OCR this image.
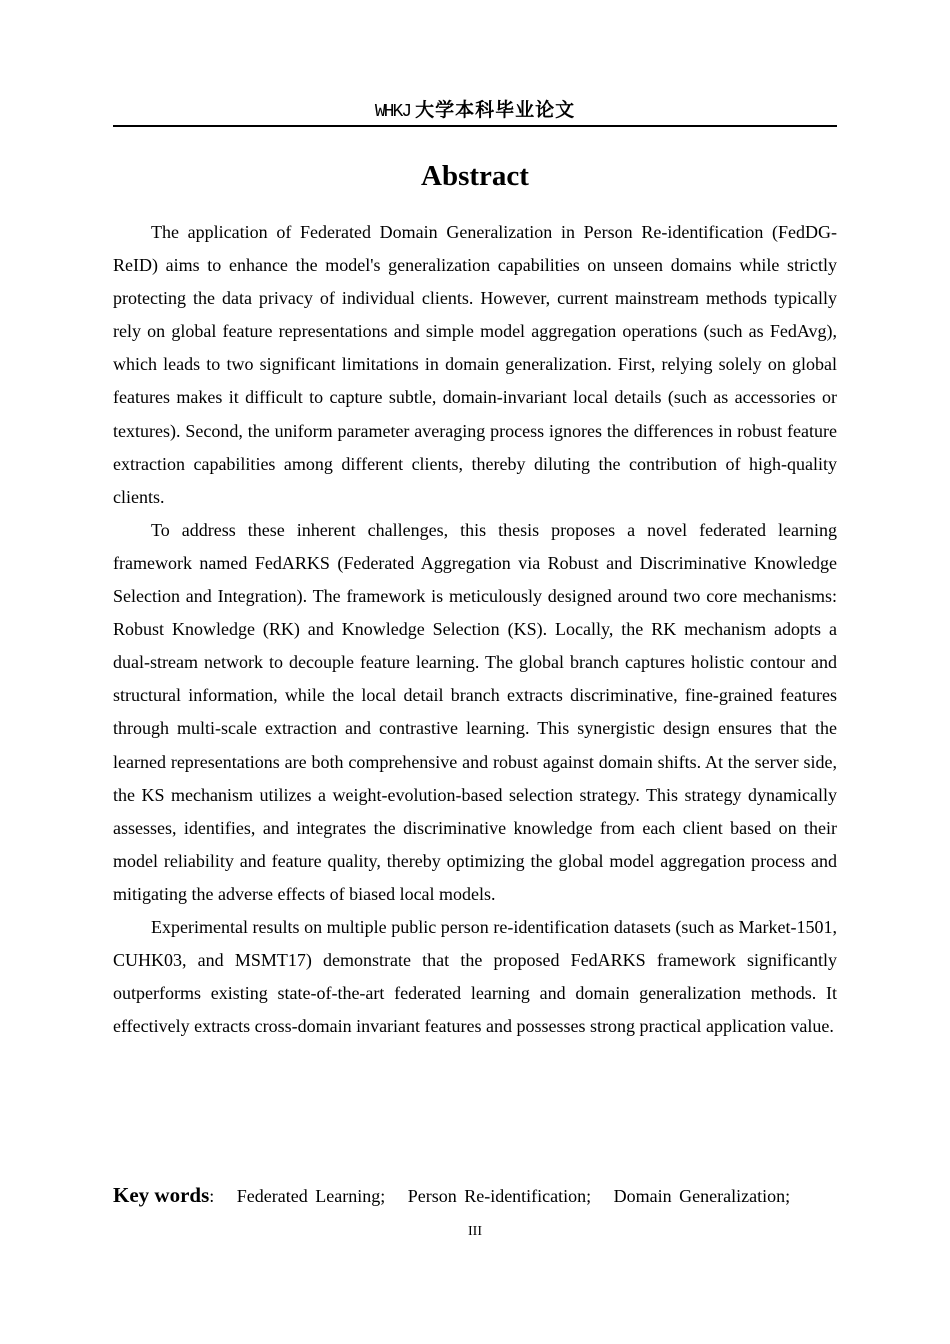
WHKJ 大学本科毕业论文
Abstract

The application of Federated Domain Generalization in Person Re-identification (FedDG-ReID) aims to enhance the model's generalization capabilities on unseen domains while strictly protecting the data privacy of individual clients. However, current mainstream methods typically rely on global feature representations and simple model aggregation operations (such as FedAvg), which leads to two significant limitations in domain generalization. First, relying solely on global features makes it difficult to capture subtle, domain-invariant local details (such as accessories or textures). Second, the uniform parameter averaging process ignores the differences in robust feature extraction capabilities among different clients, thereby diluting the contribution of high-quality clients.

To address these inherent challenges, this thesis proposes a novel federated learning framework named FedARKS (Federated Aggregation via Robust and Discriminative Knowledge Selection and Integration). The framework is meticulously designed around two core mechanisms: Robust Knowledge (RK) and Knowledge Selection (KS). Locally, the RK mechanism adopts a dual-stream network to decouple feature learning. The global branch captures holistic contour and structural information, while the local detail branch extracts discriminative, fine-grained features through multi-scale extraction and contrastive learning. This synergistic design ensures that the learned representations are both comprehensive and robust against domain shifts. At the server side, the KS mechanism utilizes a weight-evolution-based selection strategy. This strategy dynamically assesses, identifies, and integrates the discriminative knowledge from each client based on their model reliability and feature quality, thereby optimizing the global model aggregation process and mitigating the adverse effects of biased local models.

Experimental results on multiple public person re-identification datasets (such as Market-1501, CUHK03, and MSMT17) demonstrate that the proposed FedARKS framework significantly outperforms existing state-of-the-art federated learning and domain generalization methods. It effectively extracts cross-domain invariant features and possesses strong practical application value.

Key words: Federated Learning; Person Re-identification; Domain Generalization;
III
